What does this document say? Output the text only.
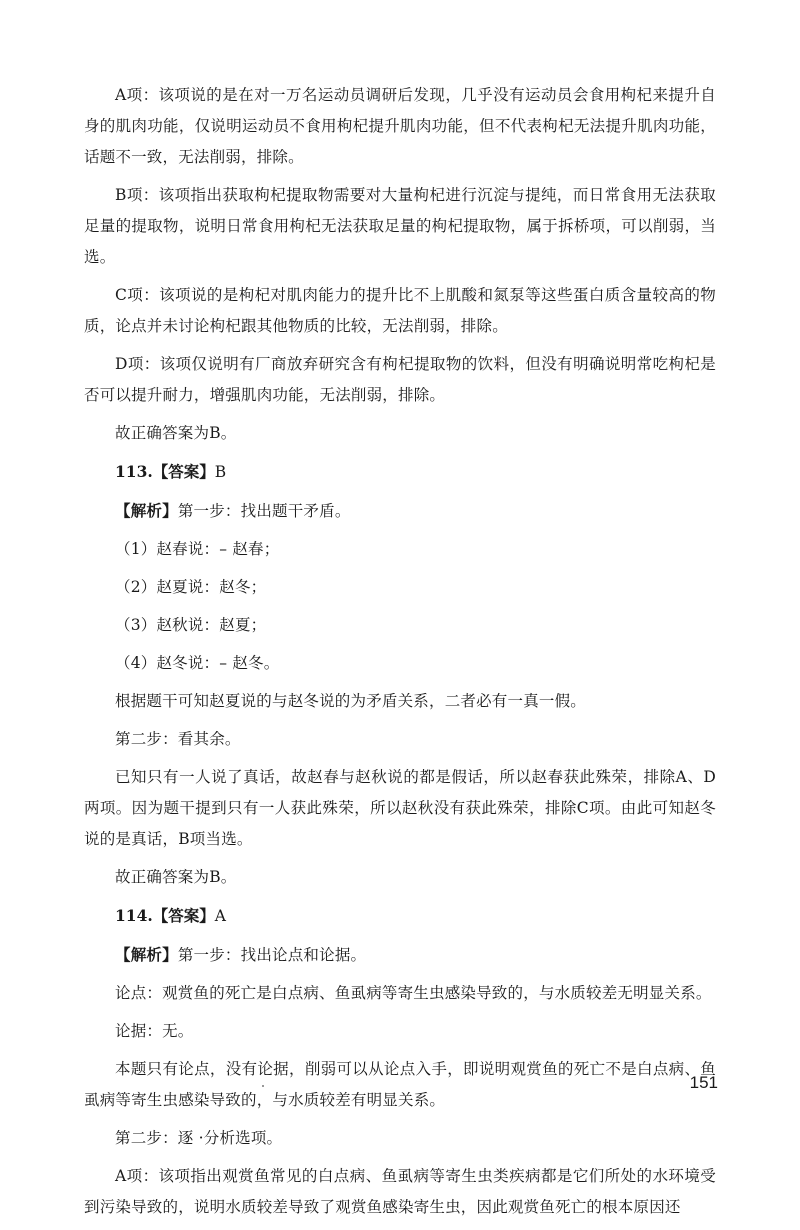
A项：该项说的是在对一万名运动员调研后发现，几乎没有运动员会食用枸杞来提升自身的肌肉功能，仅说明运动员不食用枸杞提升肌肉功能，但不代表枸杞无法提升肌肉功能，话题不一致，无法削弱，排除。

B项：该项指出获取枸杞提取物需要对大量枸杞进行沉淀与提纯，而日常食用无法获取足量的提取物，说明日常食用枸杞无法获取足量的枸杞提取物，属于拆桥项，可以削弱，当选。

C项：该项说的是枸杞对肌肉能力的提升比不上肌酸和氮泵等这些蛋白质含量较高的物质，论点并未讨论枸杞跟其他物质的比较，无法削弱，排除。

D项：该项仅说明有厂商放弃研究含有枸杞提取物的饮料，但没有明确说明常吃枸杞是否可以提升耐力，增强肌肉功能，无法削弱，排除。

故正确答案为B。

113.【答案】B

【解析】第一步：找出题干矛盾。

（1）赵春说：– 赵春；

（2）赵夏说：赵冬；

（3）赵秋说：赵夏；

（4）赵冬说：– 赵冬。

根据题干可知赵夏说的与赵冬说的为矛盾关系，二者必有一真一假。

第二步：看其余。

已知只有一人说了真话，故赵春与赵秋说的都是假话，所以赵春获此殊荣，排除A、D两项。因为题干提到只有一人获此殊荣，所以赵秋没有获此殊荣，排除C项。由此可知赵冬说的是真话，B项当选。

故正确答案为B。

114.【答案】A

【解析】第一步：找出论点和论据。

论点：观赏鱼的死亡是白点病、鱼虱病等寄生虫感染导致的，与水质较差无明显关系。

论据：无。

本题只有论点，没有论据，削弱可以从论点入手，即说明观赏鱼的死亡不是白点病、鱼虱病等寄生虫感染导致的，与水质较差有明显关系。

第二步：逐 ·分析选项。

A项：该项指出观赏鱼常见的白点病、鱼虱病等寄生虫类疾病都是它们所处的水环境受到污染导致的，说明水质较差导致了观赏鱼感染寄生虫，因此观赏鱼死亡的根本原因还

151
